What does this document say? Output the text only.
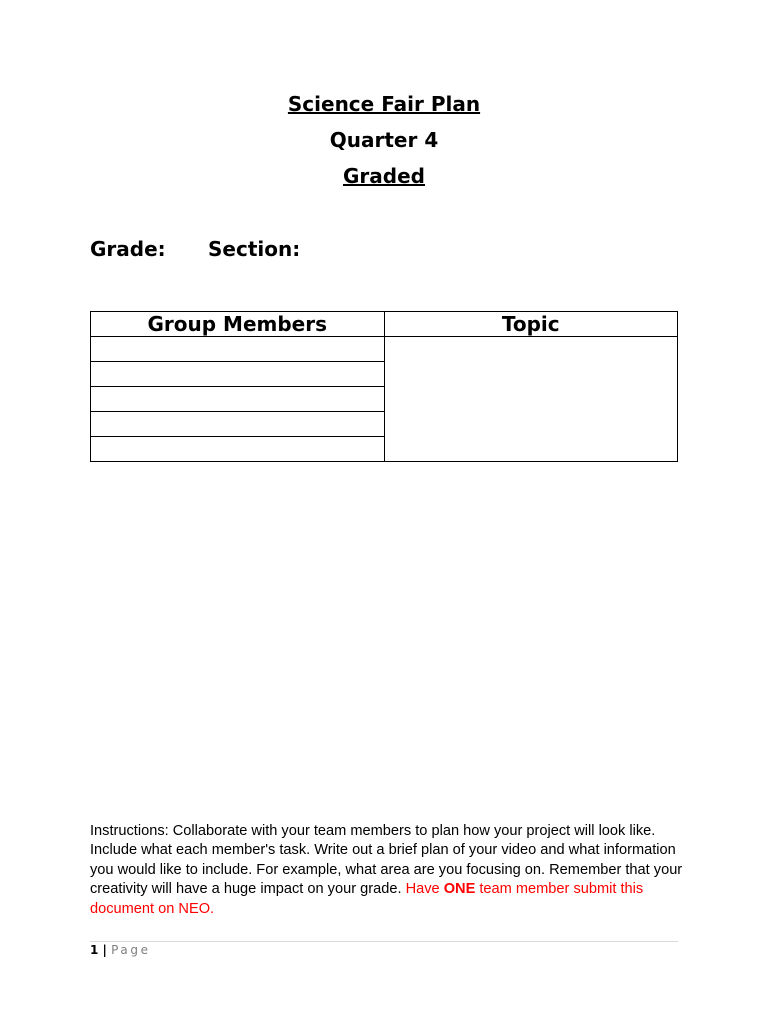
Science Fair Plan
Quarter 4
Graded
Grade: Section:
Group Members	Topic

Instructions: Collaborate with your team members to plan how your project will look like. Include what each member's task. Write out a brief plan of your video and what information you would like to include. For example, what area are you focusing on. Remember that your creativity will have a huge impact on your grade. Have ONE team member submit this document on NEO.
1 | Page
